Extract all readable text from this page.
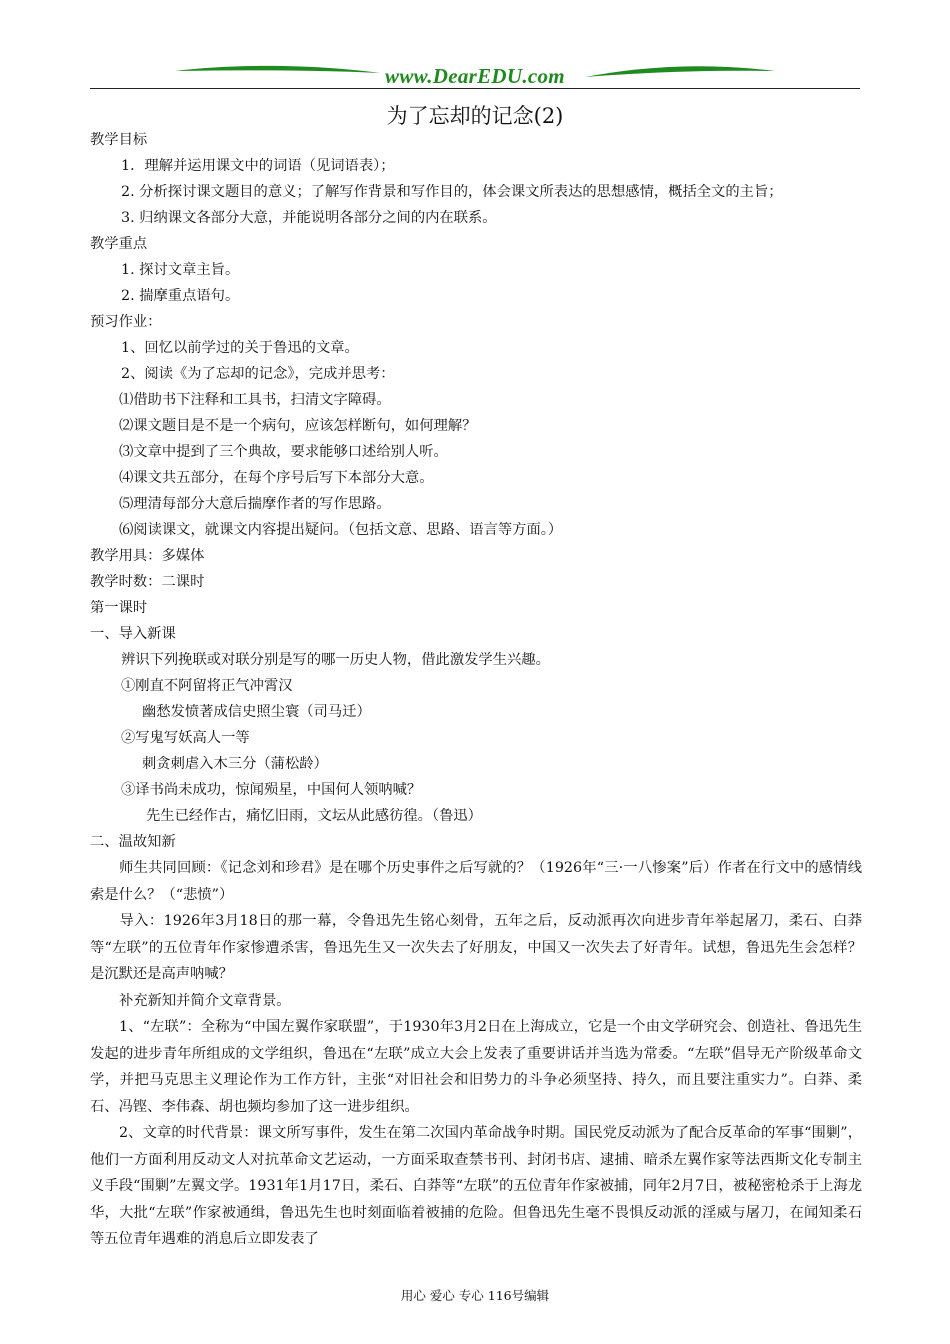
www.DearEDU.com
为了忘却的记念(2)
教学目标
1．理解并运用课文中的词语（见词语表）；
2. 分析探讨课文题目的意义；了解写作背景和写作目的，体会课文所表达的思想感情，概括全文的主旨；
3. 归纳课文各部分大意，并能说明各部分之间的内在联系。
教学重点
1. 探讨文章主旨。
2. 揣摩重点语句。
预习作业：
1、回忆以前学过的关于鲁迅的文章。
2、阅读《为了忘却的记念》，完成并思考：
⑴借助书下注释和工具书，扫清文字障碍。
⑵课文题目是不是一个病句，应该怎样断句，如何理解？
⑶文章中提到了三个典故，要求能够口述给别人听。
⑷课文共五部分，在每个序号后写下本部分大意。
⑸理清每部分大意后揣摩作者的写作思路。
⑹阅读课文，就课文内容提出疑问。（包括文意、思路、语言等方面。）
教学用具：多媒体
教学时数：二课时
第一课时
一、导入新课
辨识下列挽联或对联分别是写的哪一历史人物，借此激发学生兴趣。
①刚直不阿留将正气冲霄汉
幽愁发愤著成信史照尘寰（司马迁）
②写鬼写妖高人一等
刺贪刺虐入木三分（蒲松龄）
③译书尚未成功，惊闻殒星，中国何人领呐喊？
先生已经作古，痛忆旧雨，文坛从此感彷徨。（鲁迅）
二、温故知新
师生共同回顾：《记念刘和珍君》是在哪个历史事件之后写就的？（1926年“三·一八惨案”后）作者在行文中的感情线索是什么？（“悲愤”）
导入：1926年3月18日的那一幕，令鲁迅先生铭心刻骨，五年之后，反动派再次向进步青年举起屠刀，柔石、白莽等“左联”的五位青年作家惨遭杀害，鲁迅先生又一次失去了好朋友，中国又一次失去了好青年。试想，鲁迅先生会怎样？是沉默还是高声呐喊？
补充新知并简介文章背景。
1、“左联”：全称为“中国左翼作家联盟”，于1930年3月2日在上海成立，它是一个由文学研究会、创造社、鲁迅先生发起的进步青年所组成的文学组织，鲁迅在“左联”成立大会上发表了重要讲话并当选为常委。“左联”倡导无产阶级革命文学，并把马克思主义理论作为工作方针，主张“对旧社会和旧势力的斗争必须坚持、持久，而且要注重实力”。白莽、柔石、冯铿、李伟森、胡也频均参加了这一进步组织。
2、文章的时代背景：课文所写事件，发生在第二次国内革命战争时期。国民党反动派为了配合反革命的军事“围剿”，他们一方面利用反动文人对抗革命文艺运动，一方面采取查禁书刊、封闭书店、逮捕、暗杀左翼作家等法西斯文化专制主义手段“围剿”左翼文学。1931年1月17日，柔石、白莽等“左联”的五位青年作家被捕，同年2月7日，被秘密枪杀于上海龙华，大批“左联”作家被通缉，鲁迅先生也时刻面临着被捕的危险。但鲁迅先生毫不畏惧反动派的淫威与屠刀，在闻知柔石等五位青年遇难的消息后立即发表了
用心 爱心 专心 116号编辑
